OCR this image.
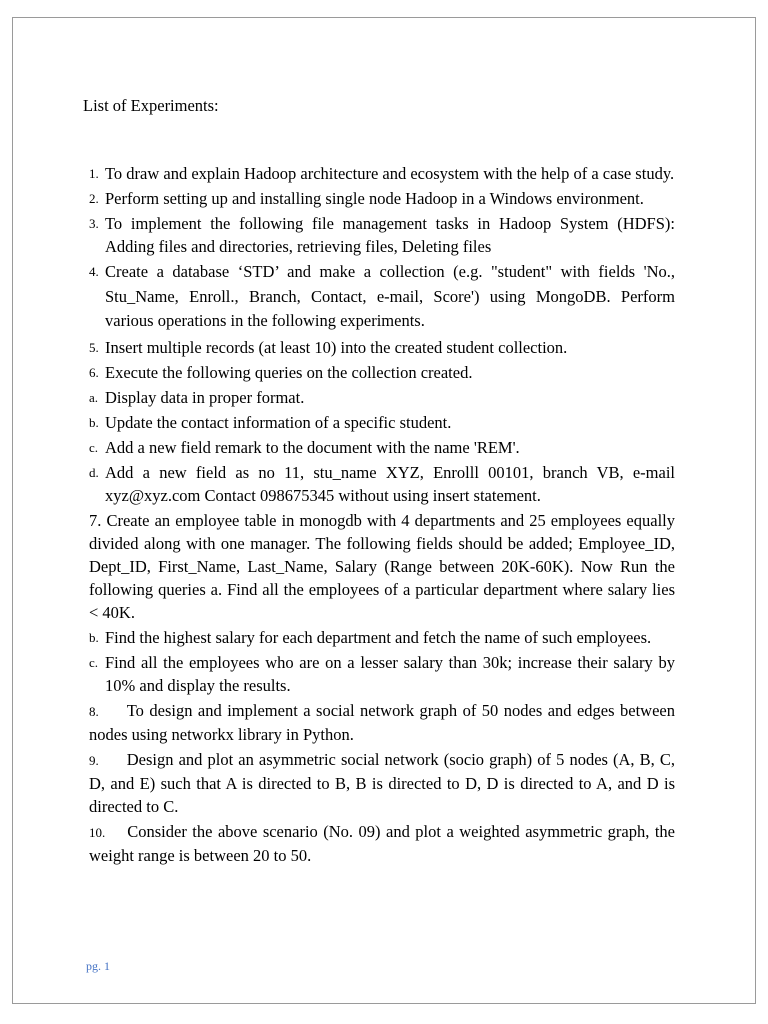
List of Experiments:
1. To draw and explain Hadoop architecture and ecosystem with the help of a case study.
2. Perform setting up and installing single node Hadoop in a Windows environment.
3. To implement the following file management tasks in Hadoop System (HDFS): Adding files and directories, retrieving files, Deleting files
4. Create a database ‘STD’ and make a collection (e.g. "student" with fields 'No., Stu_Name, Enroll., Branch, Contact, e-mail, Score') using MongoDB. Perform various operations in the following experiments.
5. Insert multiple records (at least 10) into the created student collection.
6. Execute the following queries on the collection created.
a. Display data in proper format.
b. Update the contact information of a specific student.
c. Add a new field remark to the document with the name 'REM'.
d. Add a new field as no 11, stu_name XYZ, Enrolll 00101, branch VB, e-mail xyz@xyz.com Contact 098675345 without using insert statement.
7. Create an employee table in monogdb with 4 departments and 25 employees equally divided along with one manager. The following fields should be added; Employee_ID, Dept_ID, First_Name, Last_Name, Salary (Range between 20K-60K). Now Run the following queries a. Find all the employees of a particular department where salary lies < 40K.
b. Find the highest salary for each department and fetch the name of such employees.
c. Find all the employees who are on a lesser salary than 30k; increase their salary by 10% and display the results.
8. To design and implement a social network graph of 50 nodes and edges between nodes using networkx library in Python.
9. Design and plot an asymmetric social network (socio graph) of 5 nodes (A, B, C, D, and E) such that A is directed to B, B is directed to D, D is directed to A, and D is directed to C.
10. Consider the above scenario (No. 09) and plot a weighted asymmetric graph, the weight range is between 20 to 50.
pg. 1
